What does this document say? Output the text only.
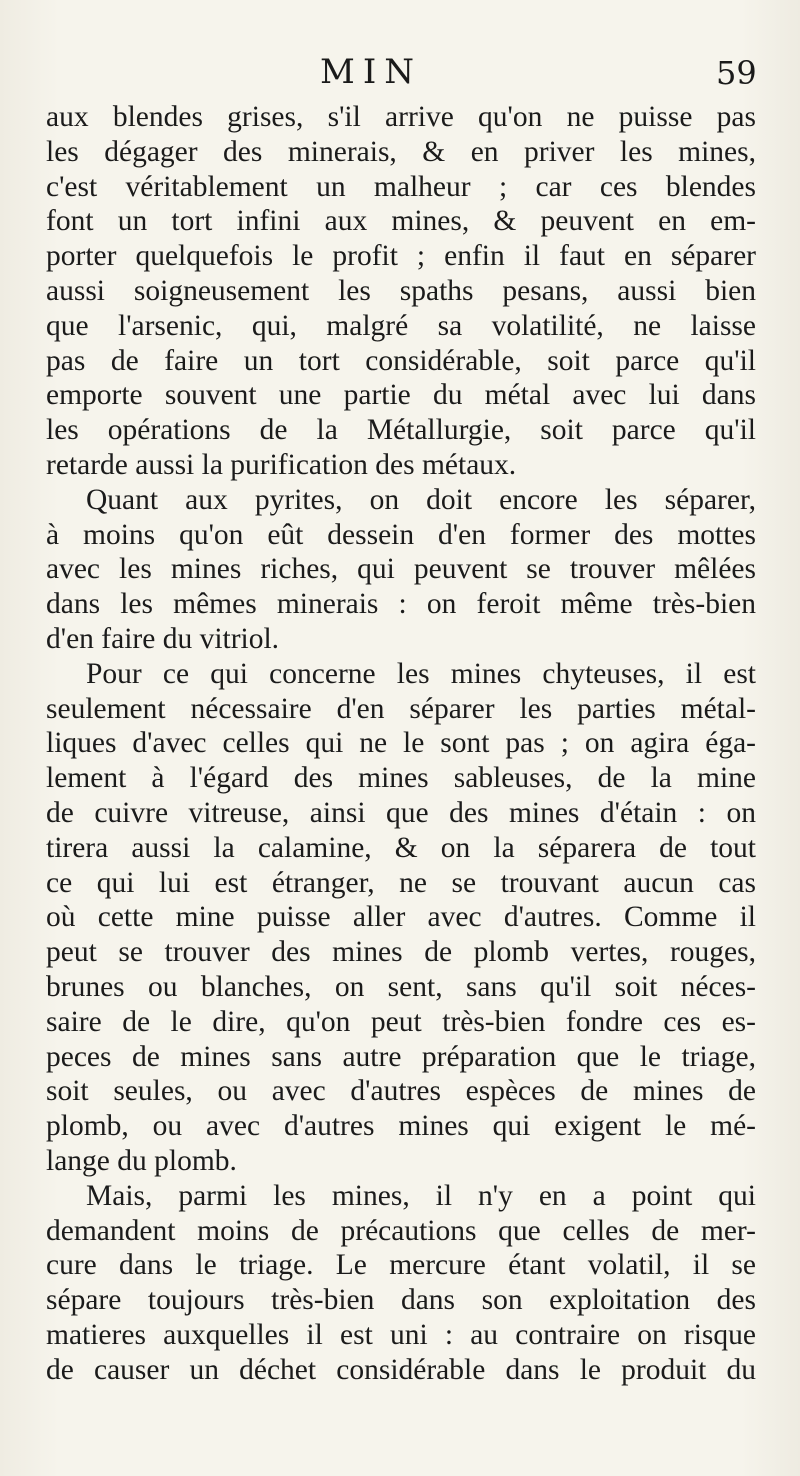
MIN	59
aux blendes grises, s'il arrive qu'on ne puisse pas
les dégager des minerais, & en priver les mines,
c'est véritablement un malheur ; car ces blendes
font un tort infini aux mines, & peuvent en em-
porter quelquefois le profit ; enfin il faut en séparer
aussi soigneusement les spaths pesans, aussi bien
que l'arsenic, qui, malgré sa volatilité, ne laisse
pas de faire un tort considérable, soit parce qu'il
emporte souvent une partie du métal avec lui dans
les opérations de la Métallurgie, soit parce qu'il
retarde aussi la purification des métaux.
Quant aux pyrites, on doit encore les séparer,
à moins qu'on eût dessein d'en former des mottes
avec les mines riches, qui peuvent se trouver mêlées
dans les mêmes minerais : on feroit même très-bien
d'en faire du vitriol.
Pour ce qui concerne les mines chyteuses, il est
seulement nécessaire d'en séparer les parties métal-
liques d'avec celles qui ne le sont pas ; on agira éga-
lement à l'égard des mines sableuses, de la mine
de cuivre vitreuse, ainsi que des mines d'étain : on
tirera aussi la calamine, & on la séparera de tout
ce qui lui est étranger, ne se trouvant aucun cas
où cette mine puisse aller avec d'autres. Comme il
peut se trouver des mines de plomb vertes, rouges,
brunes ou blanches, on sent, sans qu'il soit néces-
saire de le dire, qu'on peut très-bien fondre ces es-
peces de mines sans autre préparation que le triage,
soit seules, ou avec d'autres espèces de mines de
plomb, ou avec d'autres mines qui exigent le mé-
lange du plomb.
Mais, parmi les mines, il n'y en a point qui
demandent moins de précautions que celles de mer-
cure dans le triage. Le mercure étant volatil, il se
sépare toujours très-bien dans son exploitation des
matieres auxquelles il est uni : au contraire on risque
de causer un déchet considérable dans le produit du
